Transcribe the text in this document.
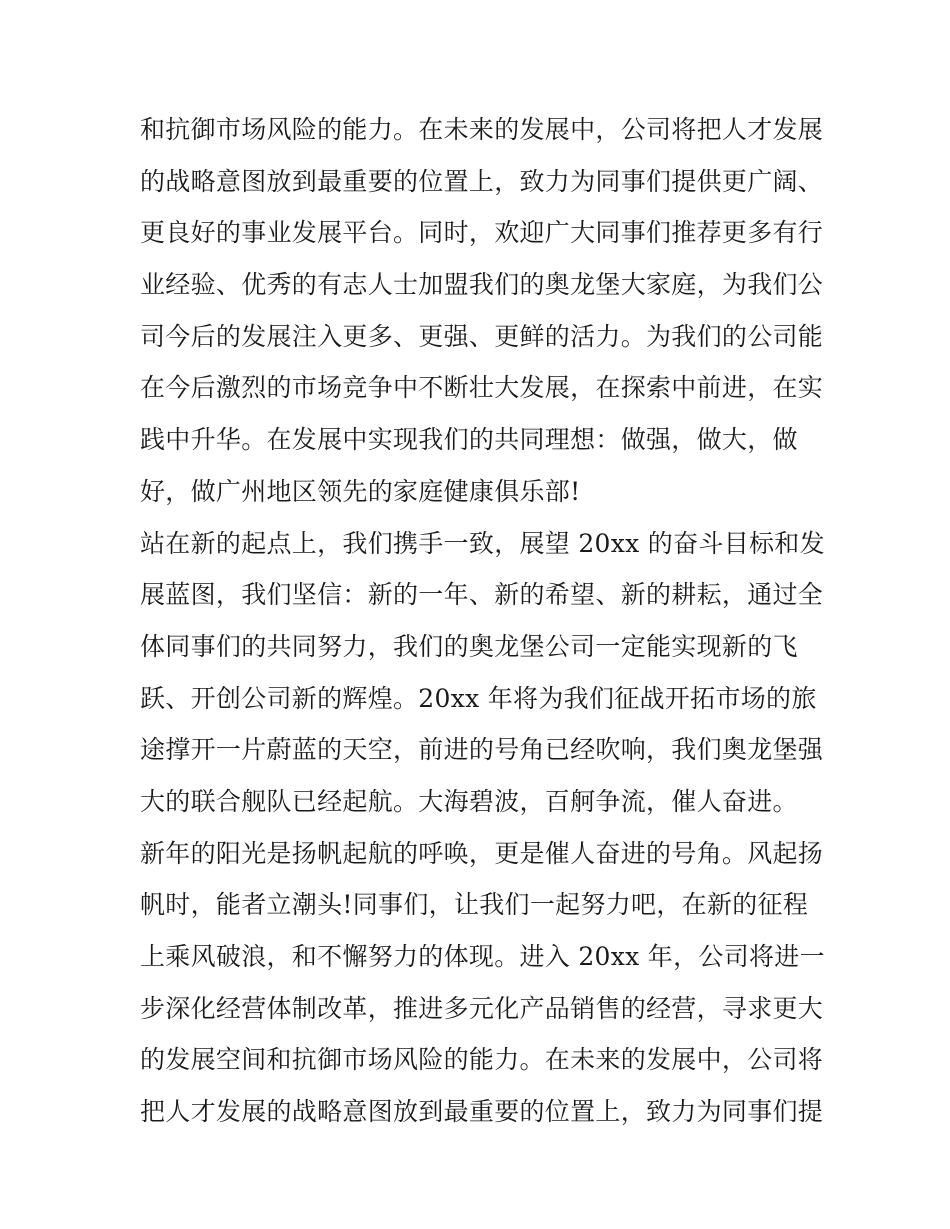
和抗御市场风险的能力。在未来的发展中，公司将把人才发展
的战略意图放到最重要的位置上，致力为同事们提供更广阔、
更良好的事业发展平台。同时，欢迎广大同事们推荐更多有行
业经验、优秀的有志人士加盟我们的奥龙堡大家庭，为我们公
司今后的发展注入更多、更强、更鲜的活力。为我们的公司能
在今后激烈的市场竞争中不断壮大发展，在探索中前进，在实
践中升华。在发展中实现我们的共同理想：做强，做大，做
好，做广州地区领先的家庭健康俱乐部!
站在新的起点上，我们携手一致，展望 20xx 的奋斗目标和发
展蓝图，我们坚信：新的一年、新的希望、新的耕耘，通过全
体同事们的共同努力，我们的奥龙堡公司一定能实现新的飞
跃、开创公司新的辉煌。20xx 年将为我们征战开拓市场的旅
途撑开一片蔚蓝的天空，前进的号角已经吹响，我们奥龙堡强
大的联合舰队已经起航。大海碧波，百舸争流，催人奋进。
新年的阳光是扬帆起航的呼唤，更是催人奋进的号角。风起扬
帆时，能者立潮头!同事们，让我们一起努力吧，在新的征程
上乘风破浪，和不懈努力的体现。进入 20xx 年，公司将进一
步深化经营体制改革，推进多元化产品销售的经营，寻求更大
的发展空间和抗御市场风险的能力。在未来的发展中，公司将
把人才发展的战略意图放到最重要的位置上，致力为同事们提
